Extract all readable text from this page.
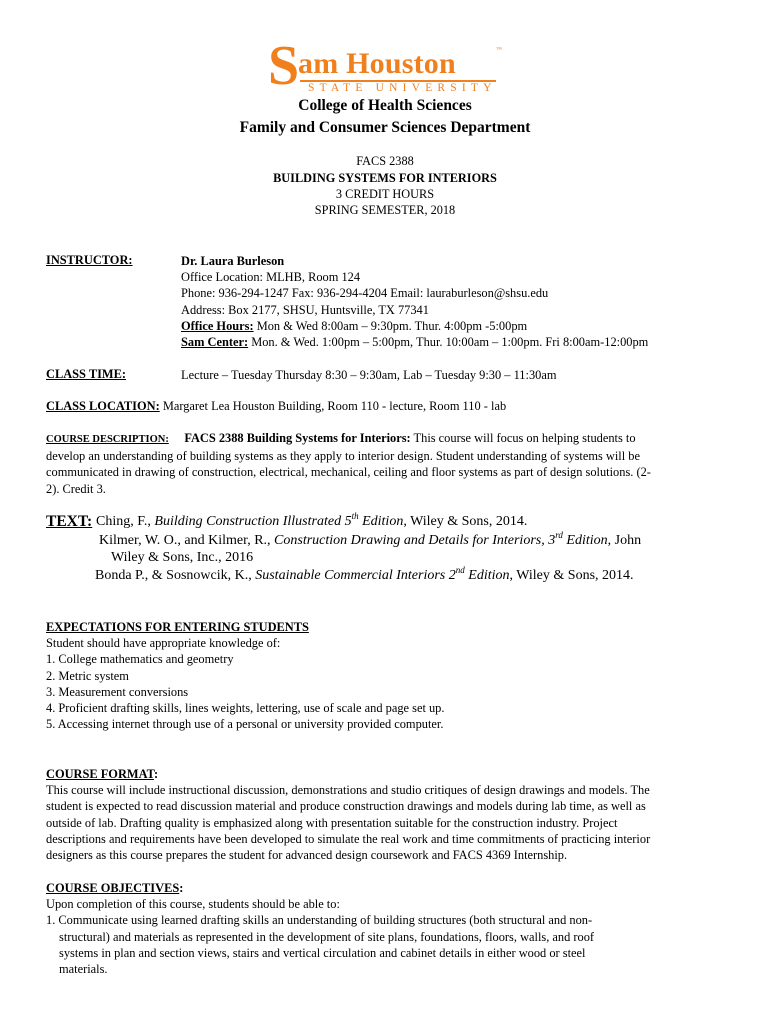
S
am Houston	™
STATE UNIVERSITY
College of Health Sciences
Family and Consumer Sciences Department
FACS 2388
BUILDING SYSTEMS FOR INTERIORS
3 CREDIT HOURS
SPRING SEMESTER, 2018
INSTRUCTOR:	Dr. Laura Burleson
Office Location: MLHB, Room 124
Phone: 936-294-1247 Fax: 936-294-4204 Email: lauraburleson@shsu.edu
Address: Box 2177, SHSU, Huntsville, TX 77341
Office Hours: Mon & Wed 8:00am – 9:30pm. Thur. 4:00pm -5:00pm
Sam Center: Mon. & Wed. 1:00pm – 5:00pm, Thur. 10:00am – 1:00pm. Fri 8:00am-12:00pm
CLASS TIME:	Lecture – Tuesday Thursday 8:30 – 9:30am, Lab – Tuesday 9:30 – 11:30am
CLASS LOCATION: Margaret Lea Houston Building, Room 110 - lecture, Room 110 - lab
COURSE DESCRIPTION: FACS 2388 Building Systems for Interiors: This course will focus on helping students to
develop an understanding of building systems as they apply to interior design. Student understanding of systems will be
communicated in drawing of construction, electrical, mechanical, ceiling and floor systems as part of design solutions. (2-
2). Credit 3.
TEXT: Ching, F., Building Construction Illustrated 5th Edition, Wiley & Sons, 2014.
Kilmer, W. O., and Kilmer, R., Construction Drawing and Details for Interiors, 3rd Edition, John
Wiley & Sons, Inc., 2016
Bonda P., & Sosnowcik, K., Sustainable Commercial Interiors 2nd Edition, Wiley & Sons, 2014.
EXPECTATIONS FOR ENTERING STUDENTS
Student should have appropriate knowledge of:
1. College mathematics and geometry
2. Metric system
3. Measurement conversions
4. Proficient drafting skills, lines weights, lettering, use of scale and page set up.
5. Accessing internet through use of a personal or university provided computer.
COURSE FORMAT:
This course will include instructional discussion, demonstrations and studio critiques of design drawings and models. The
student is expected to read discussion material and produce construction drawings and models during lab time, as well as
outside of lab. Drafting quality is emphasized along with presentation suitable for the construction industry. Project
descriptions and requirements have been developed to simulate the real work and time commitments of practicing interior
designers as this course prepares the student for advanced design coursework and FACS 4369 Internship.
COURSE OBJECTIVES:
Upon completion of this course, students should be able to:
1. Communicate using learned drafting skills an understanding of building structures (both structural and non-
structural) and materials as represented in the development of site plans, foundations, floors, walls, and roof
systems in plan and section views, stairs and vertical circulation and cabinet details in either wood or steel
materials.
